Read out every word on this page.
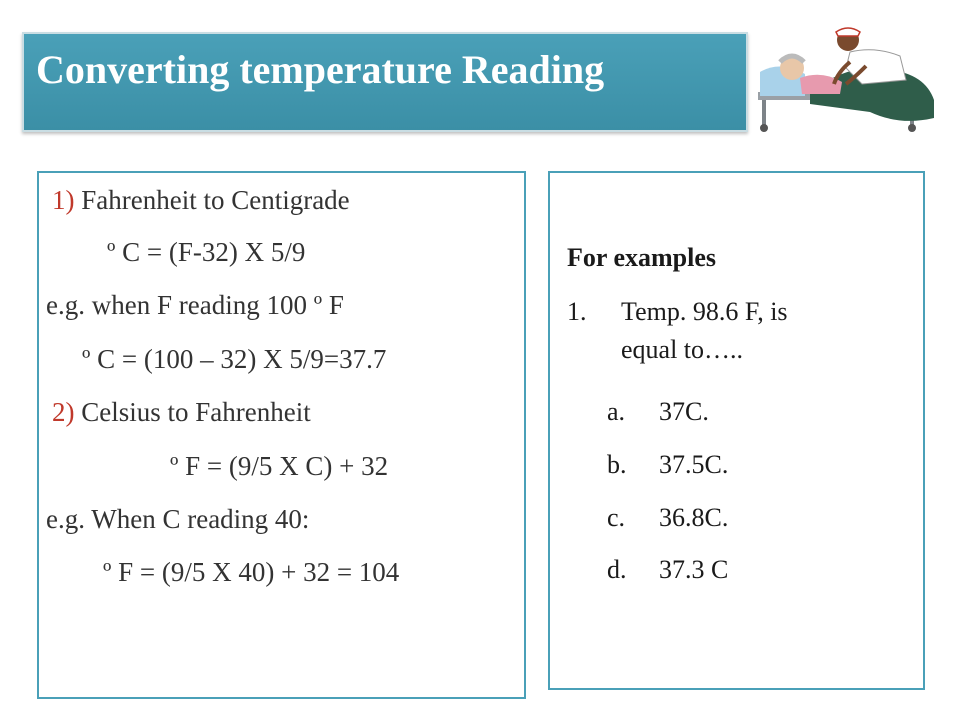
Converting temperature Reading
1) Fahrenheit to Centigrade
º C = (F-32) X 5/9
e.g. when F reading 100 º F
º C = (100 – 32) X 5/9=37.7
2) Celsius to Fahrenheit
º F = (9/5 X C) + 32
e.g. When C reading 40:
º F = (9/5 X 40) + 32 = 104
For examples
1. Temp. 98.6 F, is
equal to…..
a. 37C.
b. 37.5C.
c. 36.8C.
d. 37.3 C
